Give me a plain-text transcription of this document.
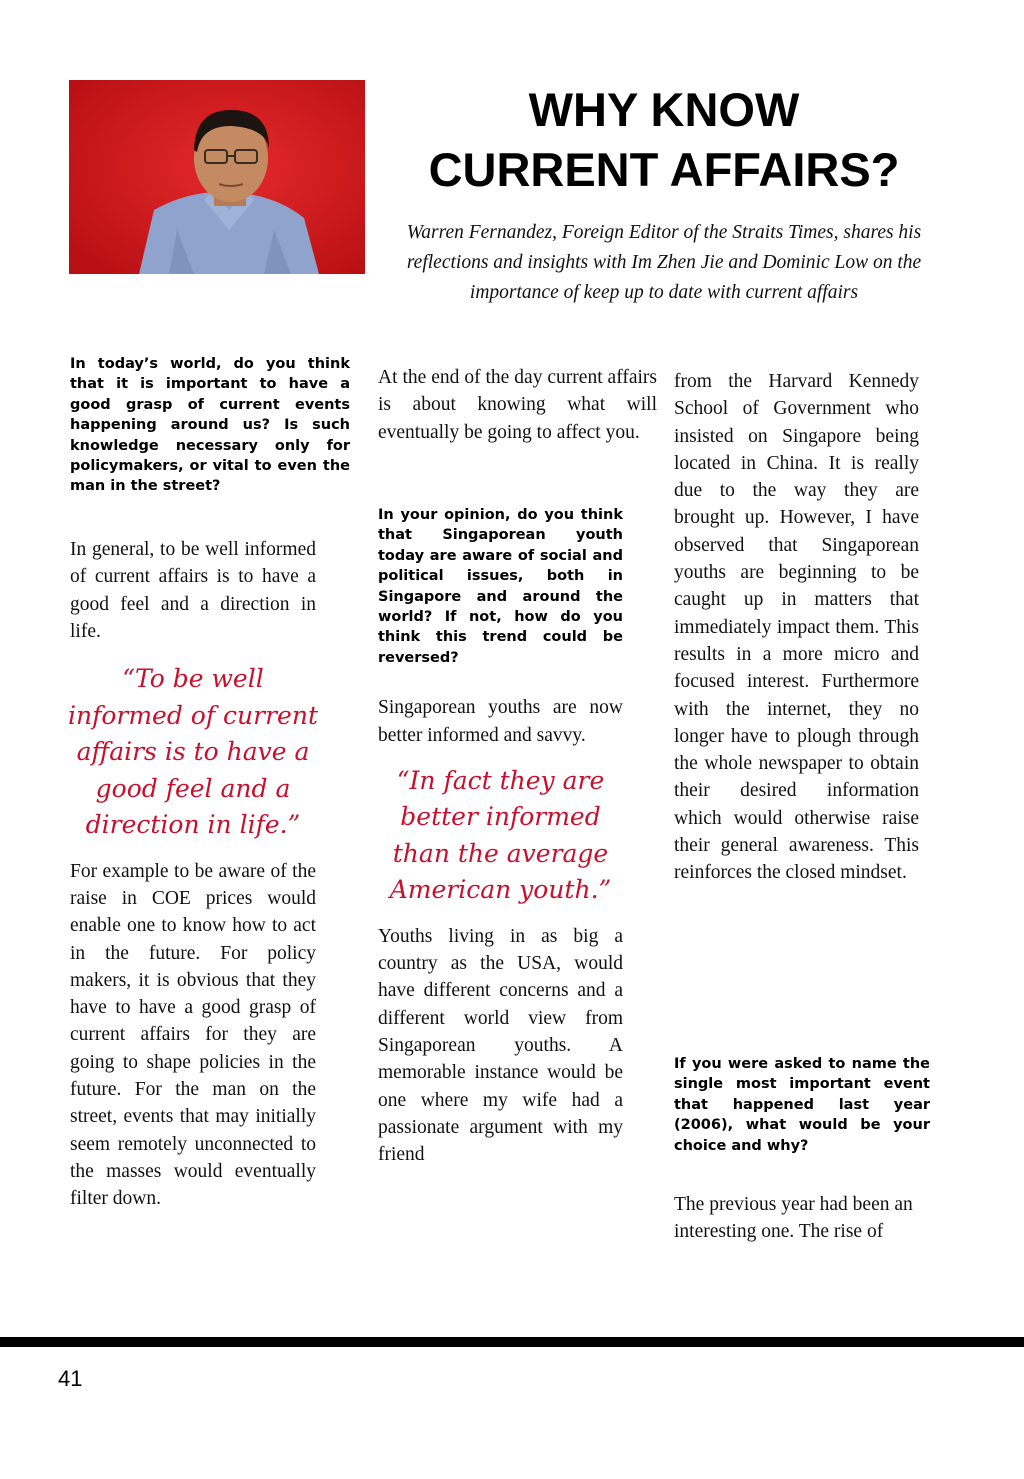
WHY KNOW
CURRENT AFFAIRS?

Warren Fernandez, Foreign Editor of the Straits Times, shares his reflections and insights with Im Zhen Jie and Dominic Low on the importance of keep up to date with current affairs

In today’s world, do you think that it is important to have a good grasp of current events happening around us? Is such knowledge necessary only for policymakers, or vital to even the man in the street?

In general, to be well informed of current affairs is to have a good feel and a direction in life.

“To be well informed of current affairs is to have a good feel and a direction in life.”

For example to be aware of the raise in COE prices would enable one to know how to act in the future. For policy makers, it is obvious that they have to have a good grasp of current affairs for they are going to shape policies in the future. For the man on the street, events that may initially seem remotely unconnected to the masses would eventually filter down.

At the end of the day current affairs is about knowing what will eventually be going to affect you.

In your opinion, do you think that Singaporean youth today are aware of social and political issues, both in Singapore and around the world? If not, how do you think this trend could be reversed?

Singaporean youths are now better informed and savvy.

“In fact they are better informed than the average American youth.”

Youths living in as big a country as the USA, would have different concerns and a different world view from Singaporean youths. A memorable instance would be one where my wife had a passionate argument with my friend

from the Harvard Kennedy School of Government who insisted on Singapore being located in China. It is really due to the way they are brought up. However, I have observed that Singaporean youths are beginning to be caught up in matters that immediately impact them. This results in a more micro and focused interest. Furthermore with the internet, they no longer have to plough through the whole newspaper to obtain their desired information which would otherwise raise their general awareness. This reinforces the closed mindset.

If you were asked to name the single most important event that happened last year (2006), what would be your choice and why?

The previous year had been an interesting one. The rise of

41
